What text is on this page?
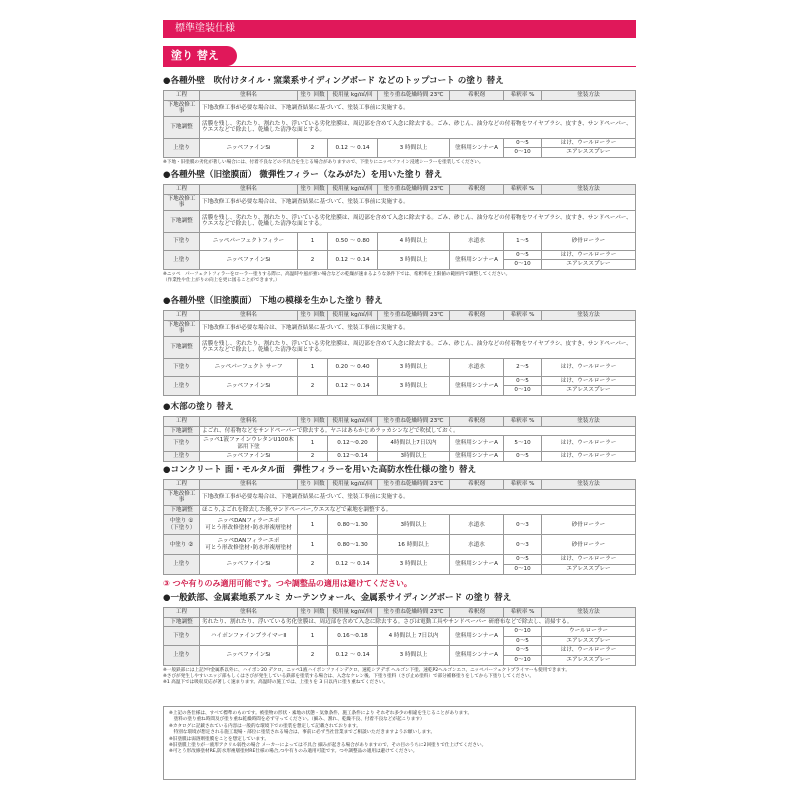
標準塗装仕様
塗り 替え
●各種外壁　吹付けタイル・窯業系サイディングボード などのトップコート の塗り 替え
工程	塗料名	塗り 回数	使用量 kg/㎡/回	塗り重ね乾燥時間 23℃	希釈剤	希釈率 %	塗装方法
下地改修工事	下地改修工事が必要な場合は、下地調査結果に基づいて、塗装工事前に実施する。						
下地調整	活膜を残し、劣れたり、割れたり、浮いている劣化塗膜は、周辺部を含めて入念に除去する。ごみ、砂じん、油分などの付着物をワイヤブラシ、皮すき、サンドペーパー、ウエスなどで除去し、乾燥した清浄な面とする。						
上塗り	ニッペファインSi	2	0.12 ～ 0.14	3 時間以上	塗料用シンナーA	0～5	はけ、ウールローラー
						0～10	エアレススプレー
※下地・旧塗膜の劣化が著しい場合には、付着不良などの不具合を生じる場合がありますので、下塗りにニッペファイン浸透シーラーを塗装してください。
●各種外壁（旧塗膜面） 微弾性フィラー（なみがた）を用いた塗り 替え
工程	塗料名	塗り 回数	使用量 kg/㎡/回	塗り重ね乾燥時間 23℃	希釈剤	希釈率 %	塗装方法
下地改修工事	下地改修工事が必要な場合は、下地調査結果に基づいて、塗装工事前に実施する。						
下地調整	活膜を残し、劣れたり、割れたり、浮いている劣化塗膜は、周辺部を含めて入念に除去する。ごみ、砂じん、油分などの付着物をワイヤブラシ、皮すき、サンドペーパー、ウエスなどで除去し、乾燥した清浄な面とする。						
下塗り	ニッペパーフェクトフィラー	1	0.50 ～ 0.80	4 時間以上	水道水	1～5	砂骨ローラー
上塗り	ニッペファインSi	2	0.12 ～ 0.14	3 時間以上	塗料用シンナーA	0～5	はけ、ウールローラー
						0～10	エアレススプレー
※ニッペ　パーフェクトフィラーをローラー塗りする際に、高温時や風が強い場合などの乾燥が速まるような条件下では、希釈率を上限値の範囲内で調整してください。
（作業性や仕上がりの向上を更に図ることができます。）
●各種外壁（旧塗膜面） 下地の模様を生かした塗り 替え
工程	塗料名	塗り 回数	使用量 kg/㎡/回	塗り重ね乾燥時間 23℃	希釈剤	希釈率 %	塗装方法
下地改修工事	下地改修工事が必要な場合は、下地調査結果に基づいて、塗装工事前に実施する。						
下地調整	活膜を残し、劣れたり、割れたり、浮いている劣化塗膜は、周辺部を含めて入念に除去する。ごみ、砂じん、油分などの付着物をワイヤブラシ、皮すき、サンドペーパー、ウエスなどで除去し、乾燥した清浄な面とする。						
下塗り	ニッペパーフェクト サーフ	1	0.20 ～ 0.40	3 時間以上	水道水	2～5	はけ、ウールローラー
上塗り	ニッペファインSi	2	0.12 ～ 0.14	3 時間以上	塗料用シンナーA	0～5	はけ、ウールローラー
						0～10	エアレススプレー
●木部の塗り 替え
工程	塗料名	塗り 回数	使用量 kg/㎡/回	塗り重ね乾燥時間 23℃	希釈剤	希釈率 %	塗装方法
下地調整	よごれ、付着物などをサンドペーパーで除去する。ヤニはあらかじめラッカシンなどで吹拭しておく。						
下塗り	ニッペ1液ファインウレタンU100木部用下塗	1	0.12～0.20	4時間以上7日以内	塗料用シンナーA	5～10	はけ、ウールローラー
上塗り	ニッペファインSi	2	0.12～0.14	3時間以上	塗料用シンナーA	0～5	はけ、ウールローラー
●コンクリート 面・モルタル面　弾性フィラーを用いた高防水性仕様の塗り 替え
工程	塗料名	塗り 回数	使用量 kg/㎡/回	塗り重ね乾燥時間 23℃	希釈剤	希釈率 %	塗装方法
下地改修工事	下地改修工事が必要な場合は、下地調査結果に基づいて、塗装工事前に実施する。						
下地調整	ほこり,よごれを除去した後,サンドペーパー,ウエスなどで素地を調整する。						
中塗り ①（下塗り）	ニッペDANフィラーエポ
可とう形改修塗材･防水形複層塗材	1	0.80～1.30	3時間以上	水道水	0～3	砂骨ローラー
中塗り ②	ニッペDANフィラーエポ
可とう形改修塗材･防水形複層塗材	1	0.80～1.30	16 時間以上	水道水	0～3	砂骨ローラー
上塗り	ニッペファインSi	2	0.12 ～ 0.14	3 時間以上	塗料用シンナーA	0～5	はけ、ウールローラー
						0～10	エアレススプレー
③ つや有りのみ適用可能です。つや調整品の適用は避けてください。
●一般鉄部、金属素地系アルミ カーテンウォール、金属系サイディングボード の塗り 替え
工程	塗料名	塗り 回数	使用量 kg/㎡/回	塗り重ね乾燥時間 23℃	希釈剤	希釈率 %	塗装方法
下地調整	劣れたり、割れたり、浮いている劣化塗膜は、周辺部を含めて入念に除去する。さびは電動工具やサンドペーパー 研磨布などで除去し、清掃する。						
下塗り	ハイポンファインプライマーⅡ	1	0.16～0.18	4 時間以上 7日以内	塗料用シンナーA	0～10	ウールローラー
						0～5	エアレススプレー
上塗り	ニッペファインSi	2	0.12 ～ 0.14	3 時間以上	塗料用シンナーA	0～5	はけ、ウールローラー
						0～10	エアレススプレー
※一般鉄部には上記ｸﾘﾔ金属系以外に、ハイポン20 デクロ、ニッペ1液ハイポンファインデクロ、速乾シアデボ ヘルゴン下塗、速乾P2ヘルゴンエコ、ニッペパーフェクトプライマーも使用できます。
※さびが発生しやすいエッジ部もしくはさびが発生している鉄部を塗装する場合は、入念なケレン後、下塗り塗料（さび止め塗料）で部分補修塗りをしてから下塗りしてください。
※1 高温下では吸収反応が著しく速まります。高温時の施工では、上塗りを 3 日以内に塗り重ねてください。
※上記の各仕様は、すべて標準のものです。被塗物の形状・素地の状態・気象条件、施工条件により それぞれ多少の相違を生じることがあります。
　塗料の塗り重ね時間及び塗り重ね乾燥時間を必ず守ってください。（細み、割れ、乾燥不良、付着不良などが起こります）
※カタログに記載されている内容は一般的な環境下での塗装を想定して記載されております。
　特別な環境が想定される施工現場・部位に塗装される場合は、事前に必ず当社営業までご相談いただきますようお願いします。
※旧塗膜は弱溶剤塗膜をことを想定しています。
※旧塗膜上塗りが一液形アクリル弱性の場合 メーカーによっては不具合 細みが起きる場合がありますので、その目のうちに2回塗りで仕上げてください。
※可とう形改修塗材RE,防水形複層塗材RE仕様の場合,つや有りのみ適用可能です。つや調整品の適用は避けてください。
